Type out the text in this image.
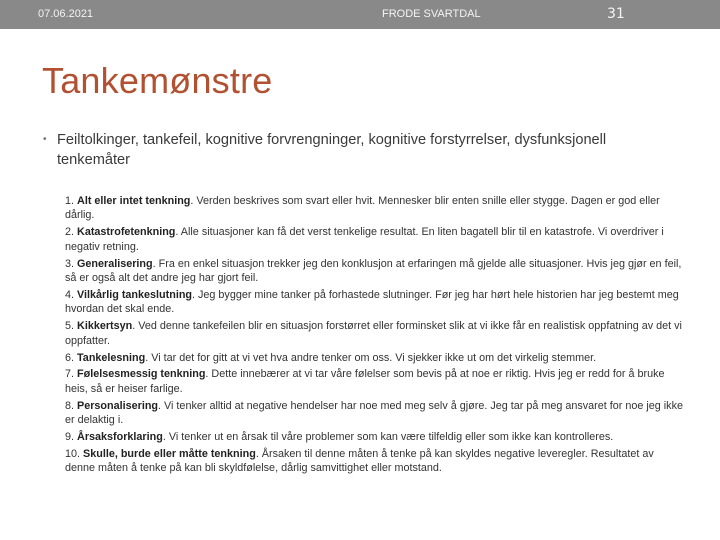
07.06.2021	FRODE SVARTDAL	31
Tankemønstre
• Feiltolkinger, tankefeil, kognitive forvrengninger, kognitive forstyrrelser, dysfunksjonell tenkemåter
1. Alt eller intet tenkning. Verden beskrives som svart eller hvit. Mennesker blir enten snille eller stygge. Dagen er god eller dårlig.
2. Katastrofetenkning. Alle situasjoner kan få det verst tenkelige resultat. En liten bagatell blir til en katastrofe. Vi overdriver i negativ retning.
3. Generalisering. Fra en enkel situasjon trekker jeg den konklusjon at erfaringen må gjelde alle situasjoner. Hvis jeg gjør en feil, så er også alt det andre jeg har gjort feil.
4. Vilkårlig tankeslutning. Jeg bygger mine tanker på forhastede slutninger. Før jeg har hørt hele historien har jeg bestemt meg hvordan det skal ende.
5. Kikkertsyn. Ved denne tankefeilen blir en situasjon forstørret eller forminsket slik at vi ikke får en realistisk oppfatning av det vi oppfatter.
6. Tankelesning. Vi tar det for gitt at vi vet hva andre tenker om oss. Vi sjekker ikke ut om det virkelig stemmer.
7. Følelsesmessig tenkning. Dette innebærer at vi tar våre følelser som bevis på at noe er riktig. Hvis jeg er redd for å bruke heis, så er heiser farlige.
8. Personalisering. Vi tenker alltid at negative hendelser har noe med meg selv å gjøre. Jeg tar på meg ansvaret for noe jeg ikke er delaktig i.
9. Årsaksforklaring. Vi tenker ut en årsak til våre problemer som kan være tilfeldig eller som ikke kan kontrolleres.
10. Skulle, burde eller måtte tenkning. Årsaken til denne måten å tenke på kan skyldes negative leveregler. Resultatet av denne måten å tenke på kan bli skyldfølelse, dårlig samvittighet eller motstand.
